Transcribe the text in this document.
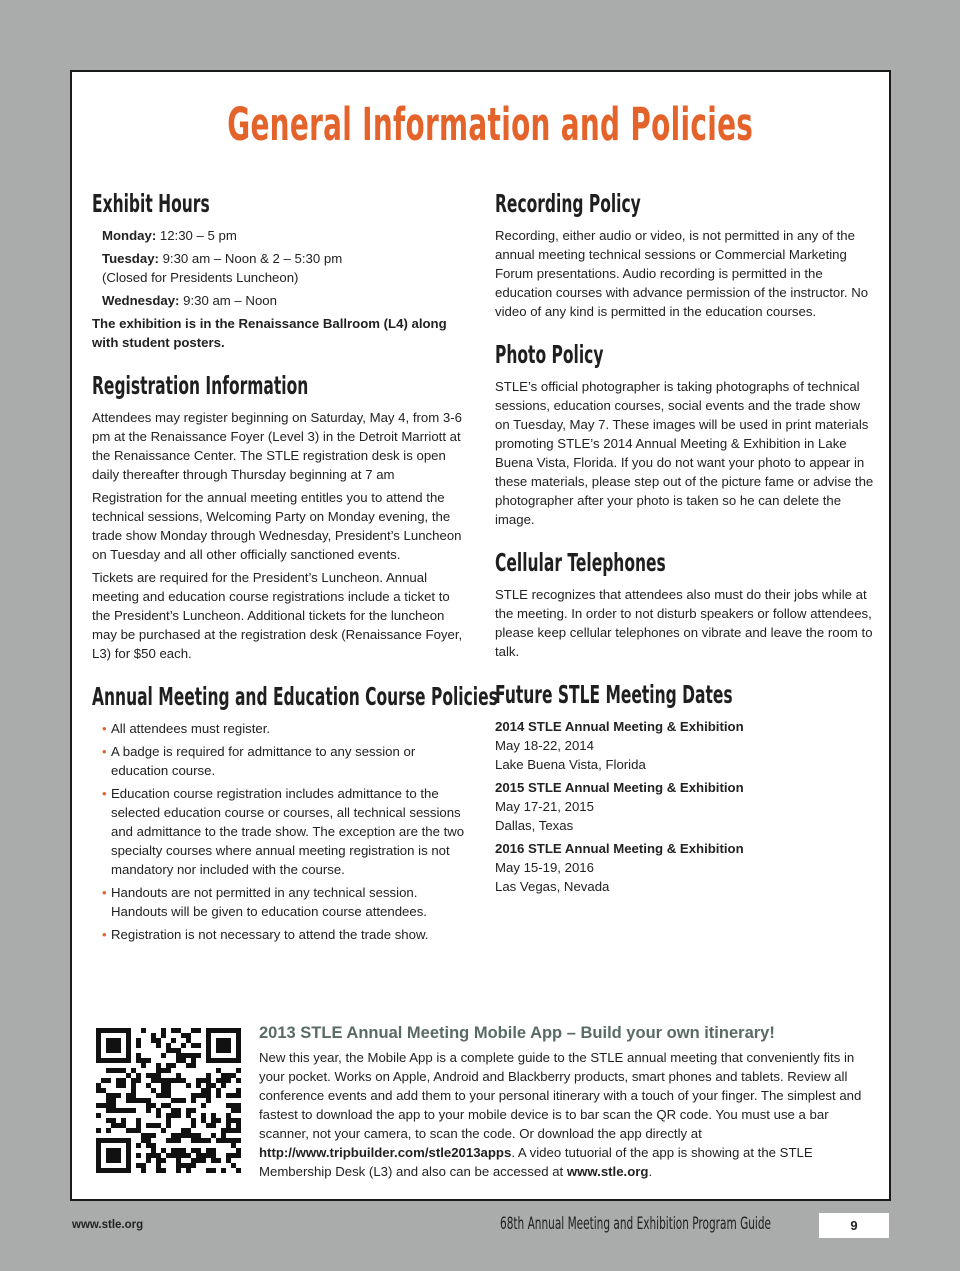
General Information and Policies
Exhibit Hours

Monday: 12:30 – 5 pm

Tuesday: 9:30 am – Noon & 2 – 5:30 pm

(Closed for Presidents Luncheon)

Wednesday: 9:30 am – Noon

The exhibition is in the Renaissance Ballroom (L4) along with student posters.

Registration Information

Attendees may register beginning on Saturday, May 4, from 3-6 pm at the Renaissance Foyer (Level 3) in the Detroit Marriott at the Renaissance Center. The STLE registration desk is open daily thereafter through Thursday beginning at 7 am

Registration for the annual meeting entitles you to attend the technical sessions, Welcoming Party on Monday evening, the trade show Monday through Wednesday, President’s Luncheon on Tuesday and all other officially sanctioned events.

Tickets are required for the President’s Luncheon. Annual meeting and education course registrations include a ticket to the President’s Luncheon. Additional tickets for the luncheon may be purchased at the registration desk (Renaissance Foyer, L3) for $50 each.

Annual Meeting and Education Course Policies
• All attendees must register.
• A badge is required for admittance to any session or education course.
• Education course registration includes admittance to the selected education course or courses, all technical sessions and admittance to the trade show. The exception are the two specialty courses where annual meeting registration is not mandatory nor included with the course.
• Handouts are not permitted in any technical session. Handouts will be given to education course attendees.
• Registration is not necessary to attend the trade show.
Recording Policy

Recording, either audio or video, is not permitted in any of the annual meeting technical sessions or Commercial Marketing Forum presentations. Audio recording is permitted in the education courses with advance permission of the instructor. No video of any kind is permitted in the education courses.

Photo Policy

STLE’s official photographer is taking photographs of technical sessions, education courses, social events and the trade show on Tuesday, May 7. These images will be used in print materials promoting STLE’s 2014 Annual Meeting & Exhibition in Lake Buena Vista, Florida. If you do not want your photo to appear in these materials, please step out of the picture fame or advise the photographer after your photo is taken so he can delete the image.

Cellular Telephones

STLE recognizes that attendees also must do their jobs while at the meeting. In order to not disturb speakers or follow attendees, please keep cellular telephones on vibrate and leave the room to talk.

Future STLE Meeting Dates
2014 STLE Annual Meeting & Exhibition
May 18-22, 2014
Lake Buena Vista, Florida
2015 STLE Annual Meeting & Exhibition
May 17-21, 2015
Dallas, Texas
2016 STLE Annual Meeting & Exhibition
May 15-19, 2016
Las Vegas, Nevada
2013 STLE Annual Meeting Mobile App – Build your own itinerary!

New this year, the Mobile App is a complete guide to the STLE annual meeting that conveniently fits in your pocket. Works on Apple, Android and Blackberry products, smart phones and tablets. Review all conference events and add them to your personal itinerary with a touch of your finger. The simplest and fastest to download the app to your mobile device is to bar scan the QR code. You must use a bar scanner, not your camera, to scan the code. Or download the app directly at http://www.tripbuilder.com/stle2013apps. A video tutuorial of the app is showing at the STLE Membership Desk (L3) and also can be accessed at www.stle.org.

www.stle.org	68th Annual Meeting and Exhibition Program Guide	9
